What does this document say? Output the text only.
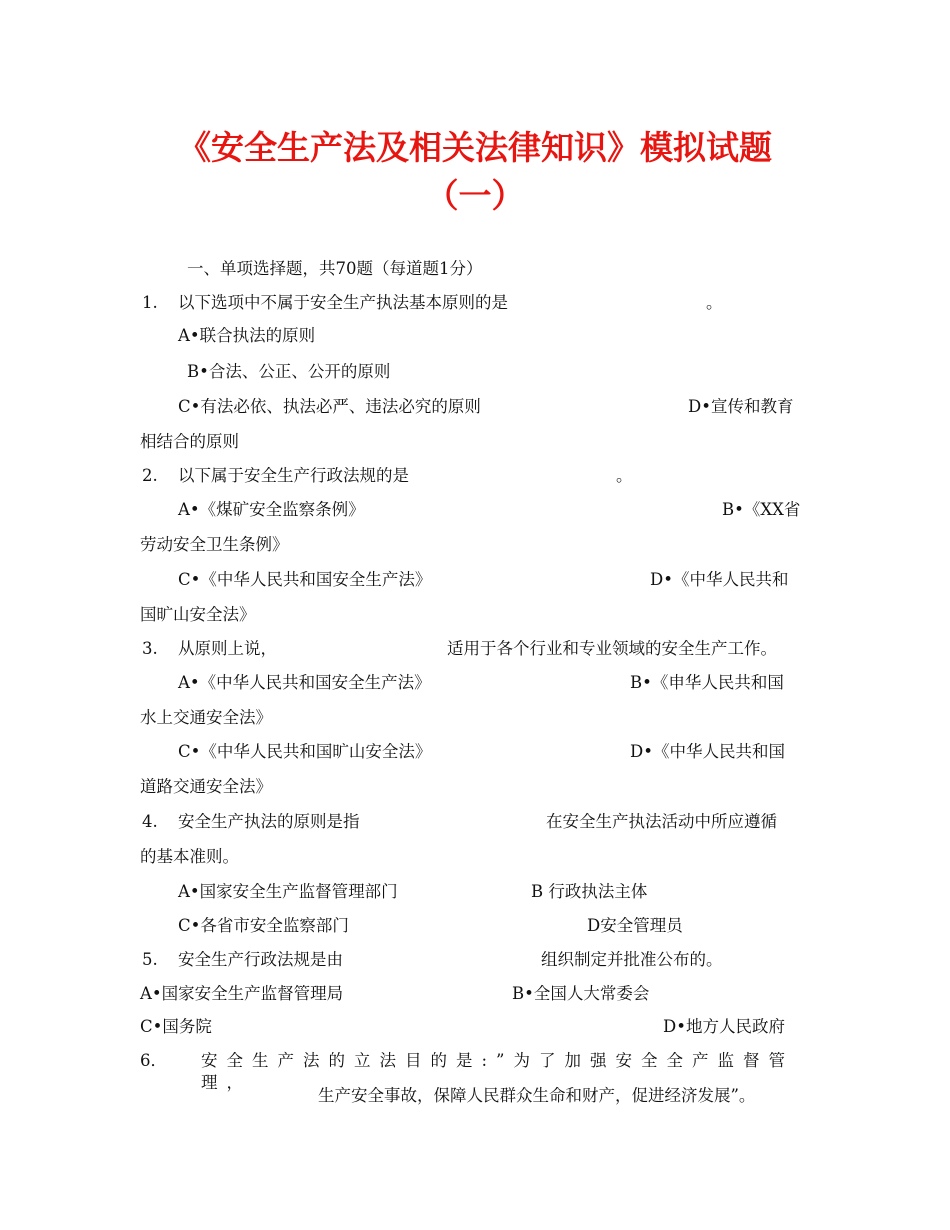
《安全生产法及相关法律知识》模拟试题
（一）
一、单项选择题，共70题（每道题1分）
1. 以下选项中不属于安全生产执法基本原则的是	。
A•联合执法的原则
B•合法、公正、公开的原则
C•有法必依、执法必严、违法必究的原则	D•宣传和教育
相结合的原则
2. 以下属于安全生产行政法规的是	。
A•《煤矿安全监察条例》	B•《XX省
劳动安全卫生条例》
C•《中华人民共和国安全生产法》	D•《中华人民共和
国旷山安全法》
3. 从原则上说，	适用于各个行业和专业领域的安全生产工作。
A•《中华人民共和国安全生产法》	B•《申华人民共和国
水上交通安全法》
C•《中华人民共和国旷山安全法》	D•《中华人民共和国
道路交通安全法》
4. 安全生产执法的原则是指	在安全生产执法活动中所应遵循
的基本准则。
A•国家安全生产监督管理部门	B 行政执法主体
C•各省市安全监察部门	D安全管理员
5. 安全生产行政法规是由	组织制定并批准公布的。
A•国家安全生产监督管理局	B•全国人大常委会
C•国务院	D•地方人民政府
6． 安全生产法的立法目的是:”为了加强安全全产监督管理，
生产安全事故，保障人民群众生命和财产，促进经济发展”。
